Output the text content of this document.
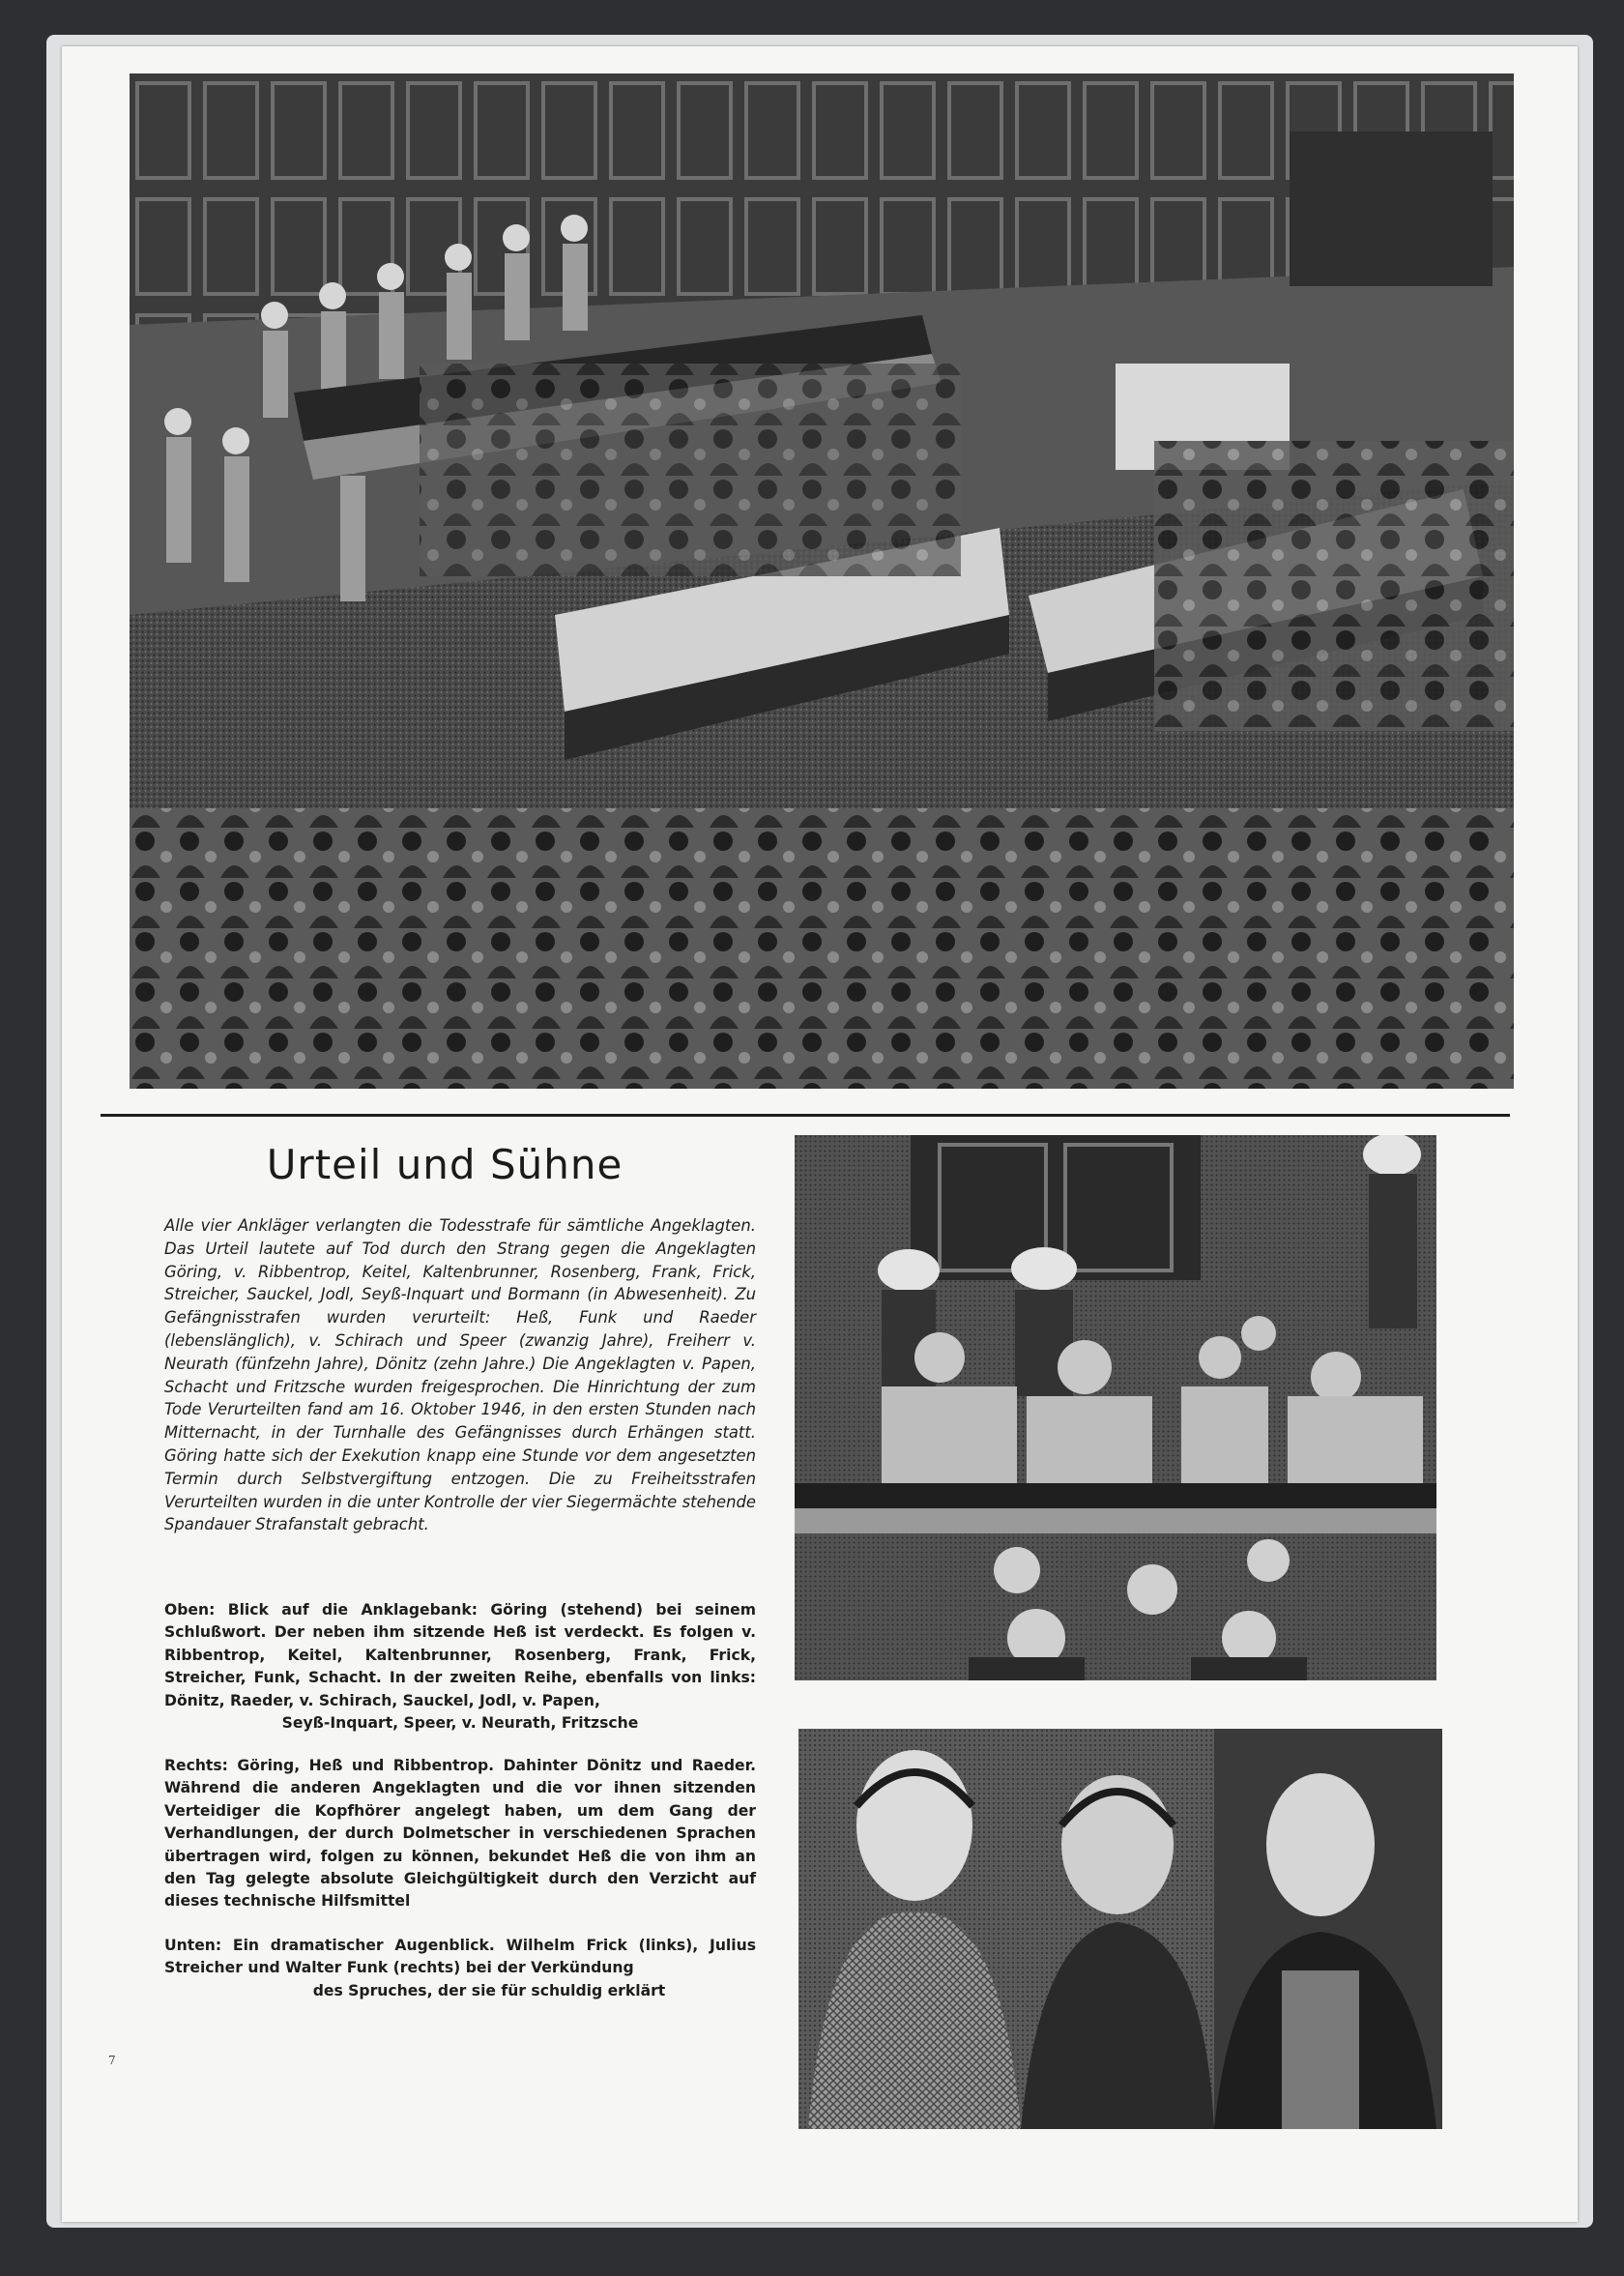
Urteil und Sühne

Alle vier Ankläger verlangten die Todesstrafe für sämtliche Angeklagten. Das Urteil lautete auf Tod durch den Strang gegen die Angeklagten Göring, v. Ribbentrop, Keitel, Kaltenbrunner, Rosenberg, Frank, Frick, Streicher, Sauckel, Jodl, Seyß-Inquart und Bormann (in Abwesenheit). Zu Gefängnisstrafen wurden verurteilt: Heß, Funk und Raeder (lebenslänglich), v. Schirach und Speer (zwanzig Jahre), Freiherr v. Neurath (fünfzehn Jahre), Dönitz (zehn Jahre.) Die Angeklagten v. Papen, Schacht und Fritzsche wurden freigesprochen. Die Hinrichtung der zum Tode Verurteilten fand am 16. Oktober 1946, in den ersten Stunden nach Mitternacht, in der Turnhalle des Gefängnisses durch Erhängen statt. Göring hatte sich der Exekution knapp eine Stunde vor dem angesetzten Termin durch Selbstvergiftung entzogen. Die zu Freiheitsstrafen Verurteilten wurden in die unter Kontrolle der vier Siegermächte stehende Spandauer Strafanstalt gebracht.

Oben: Blick auf die Anklagebank: Göring (stehend) bei seinem Schlußwort. Der neben ihm sitzende Heß ist verdeckt. Es folgen v. Ribbentrop, Keitel, Kaltenbrunner, Rosenberg, Frank, Frick, Streicher, Funk, Schacht. In der zweiten Reihe, ebenfalls von links: Dönitz, Raeder, v. Schirach, Sauckel, Jodl, v. Papen,
Seyß-Inquart, Speer, v. Neurath, Fritzsche

Rechts: Göring, Heß und Ribbentrop. Dahinter Dönitz und Raeder. Während die anderen Angeklagten und die vor ihnen sitzenden Verteidiger die Kopfhörer angelegt haben, um dem Gang der Verhandlungen, der durch Dolmetscher in verschiedenen Sprachen übertragen wird, folgen zu können, bekundet Heß die von ihm an den Tag gelegte absolute Gleichgültigkeit durch den Verzicht auf dieses technische Hilfsmittel

Unten: Ein dramatischer Augenblick. Wilhelm Frick (links), Julius Streicher und Walter Funk (rechts) bei der Verkündung
des Spruches, der sie für schuldig erklärt

7
